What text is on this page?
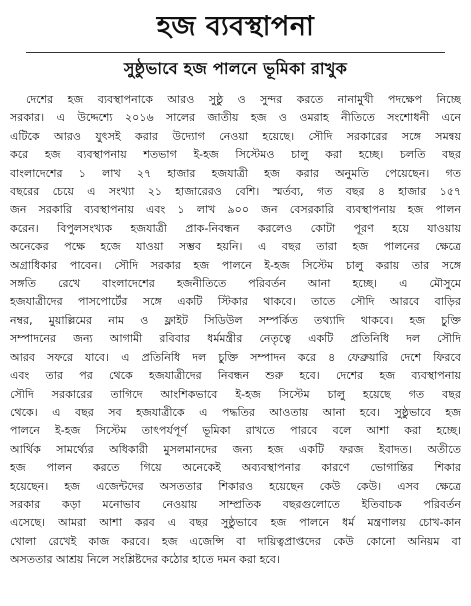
হজ ব্যবস্থাপনা
সুষ্ঠুভাবে হজ পালনে ভূমিকা রাখুক
দেশের হজ ব্যবস্থাপনাকে আরও সুষ্ঠু ও সুন্দর করতে নানামুখী পদক্ষেপ নিচ্ছে
সরকার। এ উদ্দেশ্যে ২০১৬ সালের জাতীয় হজ ও ওমরাহ নীতিতে সংশোধনী এনে
এটিকে আরও যুৎসই করার উদ্যোগ নেওয়া হয়েছে। সৌদি সরকারের সঙ্গে সমন্বয়
করে হজ ব্যবস্থাপনায় শতভাগ ই-হজ সিস্টেমও চালু করা হচ্ছে। চলতি বছর
বাংলাদেশের ১ লাখ ২৭ হাজার হজযাত্রী হজ করার অনুমতি পেয়েছেন। গত
বছরের চেয়ে এ সংখ্যা ২১ হাজারেরও বেশি। স্মর্তব্য, গত বছর ৪ হাজার ১৫৭
জন সরকারি ব্যবস্থাপনায় এবং ১ লাখ ৯০০ জন বেসরকারি ব্যবস্থাপনায় হজ পালন
করেন। বিপুলসংখ্যক হজযাত্রী প্রাক-নিবন্ধন করলেও কোটা পূরণ হয়ে যাওয়ায়
অনেকের পক্ষে হজে যাওয়া সম্ভব হয়নি। এ বছর তারা হজ পালনের ক্ষেত্রে
অগ্রাধিকার পাবেন। সৌদি সরকার হজ পালনে ই-হজ সিস্টেম চালু করায় তার সঙ্গে
সঙ্গতি রেখে বাংলাদেশের হজনীতিতে পরিবর্তন আনা হচ্ছে। এ মৌসুমে
হজযাত্রীদের পাসপোর্টের সঙ্গে একটি স্টিকার থাকবে। তাতে সৌদি আরবে বাড়ির
নম্বর, মুয়াল্লিমের নাম ও ফ্লাইট সিডিউল সম্পর্কিত তথ্যাদি থাকবে। হজ চুক্তি
সম্পাদনের জন্য আগামী রবিবার ধর্মমন্ত্রীর নেতৃত্বে একটি প্রতিনিধি দল সৌদি
আরব সফরে যাবে। এ প্রতিনিধি দল চুক্তি সম্পাদন করে ৪ ফেব্রুয়ারি দেশে ফিরবে
এবং তার পর থেকে হজযাত্রীদের নিবন্ধন শুরু হবে। দেশের হজ ব্যবস্থাপনায়
সৌদি সরকারের তাগিদে আংশিকভাবে ই-হজ সিস্টেম চালু হয়েছে গত বছর
থেকে। এ বছর সব হজযাত্রীকে এ পদ্ধতির আওতায় আনা হবে। সুষ্ঠুভাবে হজ
পালনে ই-হজ সিস্টেম তাৎপর্যপূর্ণ ভূমিকা রাখতে পারবে বলে আশা করা হচ্ছে।
আর্থিক সামর্থ্যের অধিকারী মুসলমানদের জন্য হজ একটি ফরজ ইবাদত। অতীতে
হজ পালন করতে গিয়ে অনেকেই অব্যবস্থাপনার কারণে ভোগান্তির শিকার
হয়েছেন। হজ এজেন্টদের অসততার শিকারও হয়েছেন কেউ কেউ। এসব ক্ষেত্রে
সরকার কড়া মনোভাব নেওয়ায় সাম্প্রতিক বছরগুলোতে ইতিবাচক পরিবর্তন
এসেছে। আমরা আশা করব এ বছর সুষ্ঠুভাবে হজ পালনে ধর্ম মন্ত্রণালয় চোখ-কান
খোলা রেখেই কাজ করবে। হজ এজেন্সি বা দায়িত্বপ্রাপ্তদের কেউ কোনো অনিয়ম বা
অসততার আশ্রয় নিলে সংশ্লিষ্টদের কঠোর হাতে দমন করা হবে।
